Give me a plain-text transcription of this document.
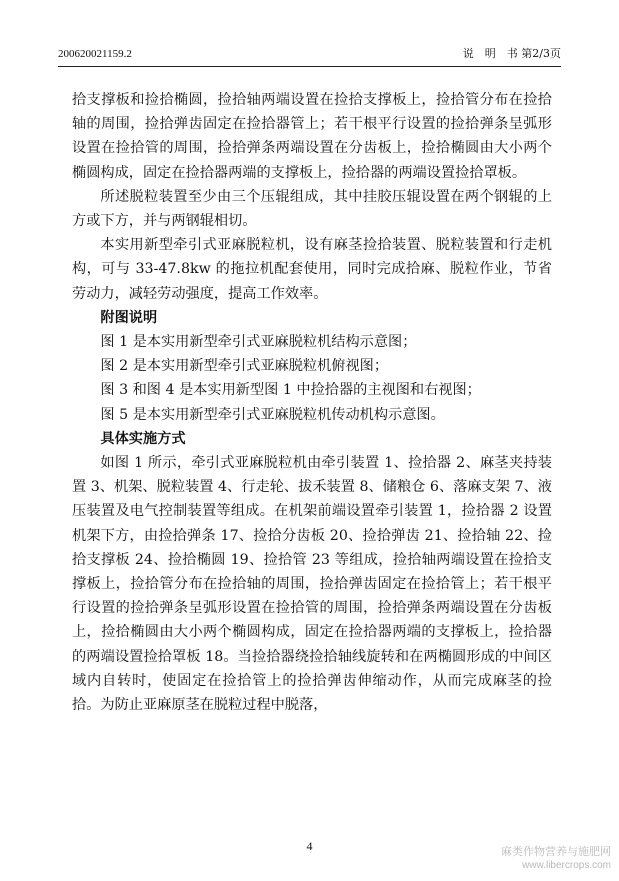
200620021159.2	说　明　书 第2/3页

拾支撑板和捡拾椭圆，捡拾轴两端设置在捡拾支撑板上，捡拾管分布在捡拾轴的周围，捡拾弹齿固定在捡拾器管上；若干根平行设置的捡拾弹条呈弧形设置在捡拾管的周围，捡拾弹条两端设置在分齿板上，捡拾椭圆由大小两个椭圆构成，固定在捡拾器两端的支撑板上，捡拾器的两端设置捡拾罩板。

所述脱粒装置至少由三个压辊组成，其中挂胶压辊设置在两个钢辊的上方或下方，并与两钢辊相切。

本实用新型牵引式亚麻脱粒机，设有麻茎捡拾装置、脱粒装置和行走机构，可与 33-47.8kw 的拖拉机配套使用，同时完成拾麻、脱粒作业，节省劳动力，减轻劳动强度，提高工作效率。

附图说明

图 1 是本实用新型牵引式亚麻脱粒机结构示意图；

图 2 是本实用新型牵引式亚麻脱粒机俯视图；

图 3 和图 4 是本实用新型图 1 中捡拾器的主视图和右视图；

图 5 是本实用新型牵引式亚麻脱粒机传动机构示意图。

具体实施方式

如图 1 所示，牵引式亚麻脱粒机由牵引装置 1、捡拾器 2、麻茎夹持装置 3、机架、脱粒装置 4、行走轮、拔禾装置 8、储粮仓 6、落麻支架 7、液压装置及电气控制装置等组成。在机架前端设置牵引装置 1，捡拾器 2 设置机架下方，由捡拾弹条 17、捡拾分齿板 20、捡拾弹齿 21、捡拾轴 22、捡拾支撑板 24、捡拾椭圆 19、捡拾管 23 等组成，捡拾轴两端设置在捡拾支撑板上，捡拾管分布在捡拾轴的周围，捡拾弹齿固定在捡拾管上；若干根平行设置的捡拾弹条呈弧形设置在捡拾管的周围，捡拾弹条两端设置在分齿板上，捡拾椭圆由大小两个椭圆构成，固定在捡拾器两端的支撑板上，捡拾器的两端设置捡拾罩板 18。当捡拾器绕捡拾轴线旋转和在两椭圆形成的中间区域内自转时，使固定在捡拾管上的捡拾弹齿伸缩动作，从而完成麻茎的捡拾。为防止亚麻原茎在脱粒过程中脱落，

4	麻类作物营养与施肥网
www.libercrops.com
